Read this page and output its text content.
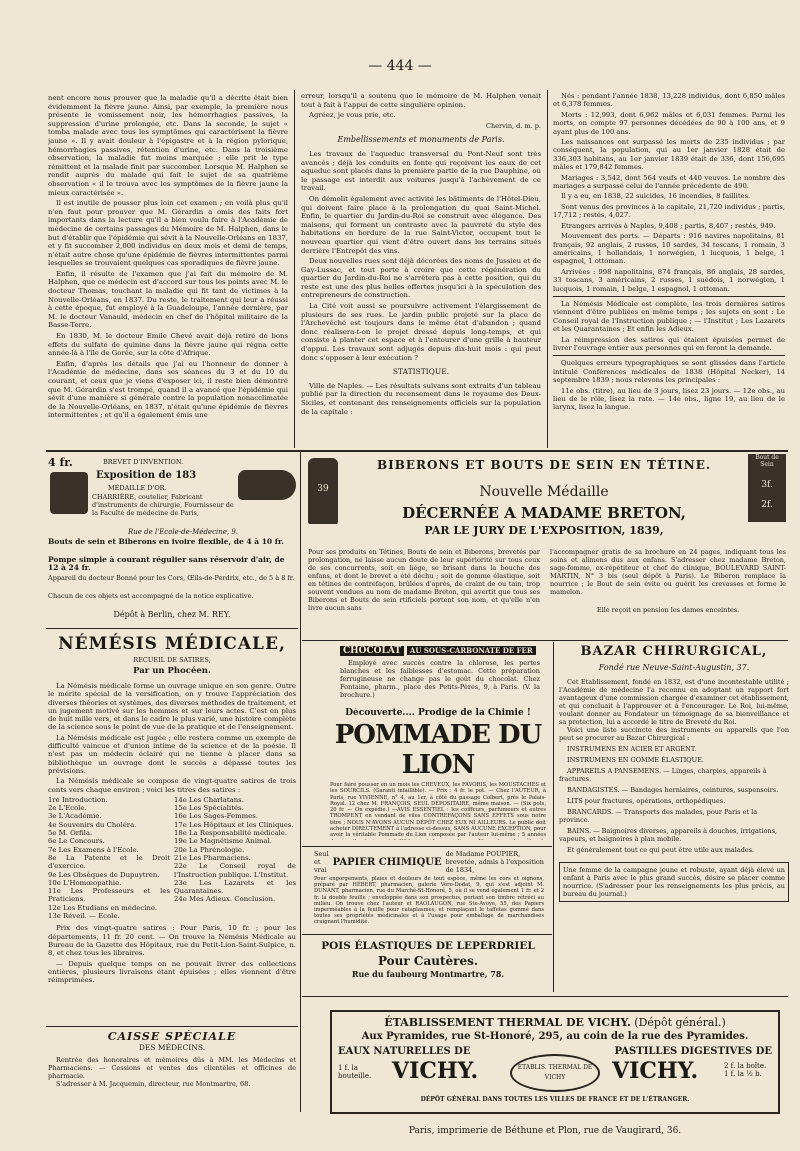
— 444 —

nent encore nous prouver que la maladie qu'il a décrite était bien évidemment la fièvre jaune. Ainsi, par exemple, la première nous présente le vomissement noir, les hémorrhagies passives, la suppression d'urine prolongée, etc. Dans la seconde, le sujet « tomba malade avec tous les symptômes qui caractérisent la fièvre jaune ». Il y avait douleur à l'épigastre et à la région pylorique, hémorrhagies passives, rétention d'urine, etc. Dans la troisième observation, la maladie fut moins marquée ; elle prit le type rémittent et la malade finit par succomber. Lorsque M. Halphen se rendit auprès du malade qui fait le sujet de sa quatrième observation « il le trouva avec les symptômes de la fièvre jaune la mieux caractérisée ».

Il est inutile de pousser plus loin cet examen ; en voilà plus qu'il n'en faut pour prouver que M. Gérardin a omis des faits fort importants dans la lecture qu'il a bien voulu faire à l'Académie de médecine de certains passages du Mémoire de M. Halphen, dans le but d'établir que l'épidémie qui sévit à la Nouvelle-Orléans en 1837, et y fit succomber 2,000 individus en deux mois et demi de temps, n'était autre chose qu'une épidémie de fièvres intermittentes parmi lesquelles se trouvaient quelques cas sporadiques de fièvre jaune.

Enfin, il résulte de l'examen que j'ai fait du mémoire de M. Halphen, que ce médecin est d'accord sur tous les points avec M. le docteur Thomas, touchant la maladie qui fit tant de victimes à la Nouvelle-Orléans, en 1837. Du reste, le traitement qui leur a réussi à cette époque, fut employé à la Guadeloupe, l'année dernière, par M. le docteur Vanauld, médecin en chef de l'hôpital militaire de la Basse-Terre.

En 1830, M. le docteur Emile Chevé avait déjà retiré de bons effets du sulfate de quinine dans la fièvre jaune qui régna cette année-là à l'île de Gorée, sur la côte d'Afrique.

Enfin, d'après les détails que j'ai eu l'honneur de donner à l'Académie de médecine, dans ses séances du 3 et du 10 du courant, et ceux que je viens d'exposer ici, il reste bien démontré que M. Gérardin s'est trompé, quand il a avancé que l'épidémie qui sévit d'une manière si générale contre la population nonacclimatée de la Nouvelle-Orléans, en 1837, n'était qu'une épidémie de fièvres intermittentes ; et qu'il a également émis une

erreur, lorsqu'il a soutenu que le mémoire de M. Halphen venait tout à fait à l'appui de cette singulière opinion.

Agréez, je vous prie, etc.

Chervin, d. m. p.
Embellissements et monuments de Paris.

Les travaux de l'aqueduc transversal du Pont-Neuf sont très avancés ; déjà les conduits en fonte qui reçoivent les eaux de cet aqueduc sont placés dans la première partie de la rue Dauphine, où le passage est interdit aux voitures jusqu'à l'achèvement de ce travail.

On démolit également avec activité les bâtiments de l'Hôtel-Dieu, qui doivent faire place à la prolongation du quai Saint-Michel. Enfin, le quartier du Jardin-du-Roi se construit avec élégance. Des maisons, qui forment un contraste avec la pauvreté du style des habitations en bordure de la rue Saint-Victor, occupent tout le nouveau quartier qui vient d'être ouvert dans les terrains situés derrière l'Entrepôt des vins.

Deux nouvelles rues sont déjà décorées des noms de Jussieu et de Gay-Lussac, et tout porte à croire que cette régénération du quartier du Jardin-du-Roi ne s'arrêtera pas à cette position, qui du reste est une des plus belles offertes jusqu'ici à la spéculation des entrepreneurs de construction.

La Cité voit aussi se poursuivre activement l'élargissement de plusieurs de ses rues. Le jardin public projeté sur la place de l'Archevêché est toujours dans le même état d'abandon ; quand donc réalisera-t-on le projet dressé depuis long-temps, et qui consiste à planter cet espace et à l'entourer d'une grille à hauteur d'appui. Les travaux sont adjugés depuis dix-huit mois : qui peut donc s'opposer à leur exécution ?

STATISTIQUE.

Ville de Naples. — Les résultats suivans sont extraits d'un tableau publié par la direction du recensement dans le royaume des Deux-Siciles, et contenant des renseignements officiels sur la population de la capitale :

Nés : pendant l'année 1838, 13,228 individus, dont 6,850 mâles et 6,378 femmes.

Morts : 12,993, dont 6,962 mâles et 6,031 femmes. Parmi les morts, on compte 97 personnes décédées de 90 à 100 ans, et 9 ayant plus de 100 ans.

Les naissances ont surpassé les morts de 235 individus ; par conséquent, la population, qui au 1er janvier 1828 était de 336,303 habitans, au 1er janvier 1839 était de 336, dont 156,695 mâles et 179,842 femmes.

Mariages : 3,542, dont 564 veufs et 440 veuves. Le nombre des mariages a surpassé celui de l'année précédente de 490.

Il y a eu, en 1838, 22 suicides, 16 incendies, 8 faillites.

Sont venus des provinces à la capitale, 21,720 individus ; partis, 17,712 ; restés, 4,027.

Etrangers arrivés à Naples, 9,408 ; partis, 8,407 ; restés, 949.

Mouvement des ports. — Départs : 916 navires napolitains, 81 français, 92 anglais, 2 russes, 10 sardes, 34 toscans, 1 romain, 3 américains, 1 hollandais, 1 norwégien, 1 lucquois, 1 belge, 1 espagnol, 1 ottoman.

Arrivées : 998 napolitains, 874 français, 86 anglais, 28 sardes, 33 toscans, 3 américains, 2 russes, 1 suédois, 1 norwégien, 1 lucquois, 1 romain, 1 belge, 1 espagnol, 1 ottoman.

La Némésis Médicale est complète, les trois dernières satires viennent d'être publiées en même temps ; les sujets en sont : Le Conseil royal de l'Instruction publique ; — l'Institut ; Les Lazarets et les Quarantaines ; Et enfin les Adieux.

La réimpression des satires qui étaient épuisées permet de livrer l'ouvrage entier aux personnes qui en feront la demande.

Quelques erreurs typographiques se sont glissées dans l'article intitulé Conférences médicales de 1838 (Hôpital Necker), 14 septembre 1839 ; nous relevons les principales :

11e obs. (titre), au lieu de 3 jours, lisez 23 jours. — 12e obs., au lieu de le rôle, lisez la rate. — 14e obs., ligne 19, au lieu de le larynx, lisez la langue.

4 fr.	BREVET D'INVENTION.
Exposition de 183
MÉDAILLE D'OR.
CHARRIÈRE, coutelier, Fabricant d'instruments de chirurgie, Fournisseur de la Faculté de médecine de Paris,
Rue de l'Ecole-de-Médecine, 9.
Bouts de sein et Biberons en ivoire flexible, de 4 à 10 fr.
Pompe simple à courant régulier sans réservoir d'air, de 12 à 24 fr.
Appareil du docteur Bonné pour les Cors, Œils-de-Perdrix, etc., de 5 à 8 fr.
Chacun de ces objets est accompagné de la notice explicative.
Dépôt à Berlin, chez M. REY.
BIBERONS ET BOUTS DE SEIN EN TÉTINE.
39
Bout de Sein
3f.
2f.
Nouvelle Médaille
DÉCERNÉE A MADAME BRETON,
PAR LE JURY DE L'EXPOSITION, 1839,
Pour ses produits en Tétines, Bouts de sein et Biberons, brevetés par prolongation, ne laisse aucun doute de leur supériorité sur tous ceux de ses concurrents, soit en liége, se brisant dans la bouche des enfans, et dont le brevet a été déchu ; soit de gomme élastique, soit en tétines de contrefaçon, brûlées d'après, de craint de ou tain, trop souvent vendues au nom de madame Breton, qui avertit que tous ses Biberons et Bouts de sein rtificiels portent son nom, et qu'elle n'en livre aucun sans
l'accompagner gratis de sa brochure en 24 pages, indiquant tous les soins et alimens dus aux enfans. S'adresser chez madame Breton, sage-femme, ex-répétiteur et chef de clinique, BOULEVARD SAINT-MARTIN, N° 3 bis (seul dépôt à Paris). Le Biberon remplace la nourrice ; le Bout de sein évite ou guérit les crevasses et forme le mamelon.
Elle reçoit en pension les dames enceintes.
NÉMÉSIS MÉDICALE,
RECUEIL DE SATIRES,
Par un Phocéen.

La Némésis médicale forme un ouvrage unique en son genre. Outre le mérite spécial de la versification, on y trouve l'appréciation des diverses théories et systèmes, des diverses méthodes de traitement, et un jugement motivé sur les hommes et sur leurs actes. C'est en plus de huit mille vers, et dans le cadre le plus varié, une histoire complète de la science sous le point de vue de la pratique et de l'enseignement.

La Némésis médicale est jugée ; elle restera comme un exemple de difficulté vaincue et d'union intime de la science et de la poésie. Il n'est pas un médecin éclairé qui ne tienne à placer dans sa bibliothèque un ouvrage dont le succès a dépassé toutes les prévisions.

La Némésis médicale se compose de vingt-quatre satires de trois cents vers chaque environ ; voici les titres des satires :

1re Introduction.
2e L'Ecole.
3e L'Académie.
4e Souvenirs du Choléra.
5e M. Orfila.
6e Le Concours.
7e Les Examens à l'Ecole.
8e La Patente et le Droit d'exercice.
9e Les Obsèques de Dupuytren.
10e L'Homœopathie.
11e Les Professeurs et les Praticiens.
12e Les Etudians en médecine.
13e Réveil. — Ecole.
14e Les Charlatans.
15e Les Spécialités.
16e Les Sages-Femmes.
17e Les Hôpitaux et les Cliniques.
18e La Responsabilité médicale.
19e Le Magnétisme Animal.
20e La Phrénologie.
21e Les Pharmaciens.
22e Le Conseil royal de l'Instruction publique. L'Institut.
23e Les Lazarets et les Quarantaines.
24e Mes Adieux. Conclusion.

Prix des vingt-quatre satires : Pour Paris, 10 fr. ; pour les départements, 11 fr. 20 cent. — On trouve la Némésis Médicale au Bureau de la Gazette des Hôpitaux, rue du Petit-Lion-Saint-Sulpice, n. 8, et chez tous les libraires.

— Depuis quelque temps on ne pouvait livrer des collections entières, plusieurs livraisons étant épuisées ; elles viennent d'être réimprimées.

CAISSE SPÉCIALE
DES MÉDECINS.
Rentrée des honoraires et mémoires dûs à MM. les Médecins et Pharmaciens. — Cessions et ventes des clientèles et officines de pharmacie.
S'adresser à M. Jacquemin, directeur, rue Montmartre, 68.
CHOCOLAT AU SOUS-CARBONATE DE FER
Employé avec succès contre la chlorose, les pertes blanches et les faiblesses d'estomac. Cette préparation ferrugineuse ne change pas le goût du chocolat. Chez Fontaine, pharm., place des Petits-Pères, 9, à Paris. (V. la brochure.)
Découverte.... Prodige de la Chimie !
POMMADE DU LION
Pour faire pousser en un mois les CHEVEUX, les FAVORIS, les MOUSTACHES et les SOURCILS. (Garanti infaillible). — Prix : 4 fr. le pot. — Chez l'AUTEUR, à Paris, rue VIVIENNE, n° 4, au 1er, à côté du passage Colbert, près le Palais-Royal. 12 chez M. FRANÇOIS, SEUL DÉPOSITAIRE, même maison. — (Six pots, 20 fr. — On expédie.) —AVIS ESSENTIEL : les coiffeurs, parfumeurs et autres TROMPENT en vendant de viles CONTREFAÇONS SANS EFFETS sous notre titre ; NOUS N'AVONS AUCUN DÉPÔT CHEZ EUX NI AILLEURS. Le public doit acheter DIRECTEMENT à l'adresse ci-dessus, SANS AUCUNE EXCEPTION, pour avoir la véritable Pommade du Lion composée par l'auteur lui-même ; 5 années
Seul et vrai
PAPIER CHIMIQUE
de Madame POUPIER, brevetée, admis à l'exposition de 1834,
Pour engorgements, plaies et douleurs de tout espèce, même les cors et oignons, préparé par HÉBERT, pharmacien, galerie Véro-Dodat, 9, qui s'est adjoint M. DUNANT, pharmacien, rue du Marché-St-Honoré, 5, où il se vend également 1 fr. et 2 fr. la double feuille ; enveloppée dans son prospectus, portant son timbre rétréci au milieu. On trouve chez l'auteur et RAOLAUGON, rue Ste-Avoye, 55, des Papiers imperméables à la feuille pour cataplasmes, et remplaçant le taffetas gommé dans toutes ses propriétés médicinales et à l'usage pour emballage de marchandises craignant l'humidité.
POIS ÉLASTIQUES DE LEPERDRIEL
Pour Cautères.
Rue du faubourg Montmartre, 78.
BAZAR CHIRURGICAL,
Fondé rue Neuve-Saint-Augustin, 37.
Cet Etablissement, fondé en 1832, est d'une incontestable utilité ; l'Académie de médecine l'a reconnu en adoptant un rapport fort avantageux d'une commission chargée d'examiner cet établissement, et qui concluait à l'approuver et à l'encourager. Le Roi, lui-même, voulant donner au Fondateur un témoignage de sa bienveillance et sa protection, lui a accordé le titre de Breveté du Roi.
Voici une liste succincte des instruments ou appareils que l'on peut se procurer au Bazar Chirurgical :
INSTRUMENS EN ACIER ET ARGENT.
INSTRUMENS EN GOMME ÉLASTIQUE.
APPAREILS A PANSEMENS. — Linges, charpies, appareils à fractures.
BANDAGISTES. — Bandages herniaires, ceintures, suspensoirs.
LITS pour fractures, opérations, orthopédiques.
BRANCARDS. — Transports des malades, pour Paris et la province.
BAINS. — Baignoires diverses, appareils à douches, irrigations, vapeurs, et baignoires à plan mobile.
Et généralement tout ce qui peut être utile aux malades.
Une femme de la campagne jeune et robuste, ayant déjà élevé un enfant à Paris avec le plus grand succès, désire se placer comme nourrice. (S'adresser pour les renseignements les plus précis, au bureau du journal.)
ÉTABLISSEMENT THERMAL DE VICHY. (Dépôt général.)
Aux Pyramides, rue St-Honoré, 295, au coin de la rue des Pyramides.
EAUX NATURELLES DE	PASTILLES DIGESTIVES DE
1 f. la bouteille. VICHY.	ETABLIS. THERMAL DE VICHY	VICHY.	2 f. la boîte. 1 f. la ½ b.
DÉPÔT GÉNÉRAL DANS TOUTES LES VILLES DE FRANCE ET DE L'ÉTRANGER.
Paris, imprimerie de Béthune et Plon, rue de Vaugirard, 36.
